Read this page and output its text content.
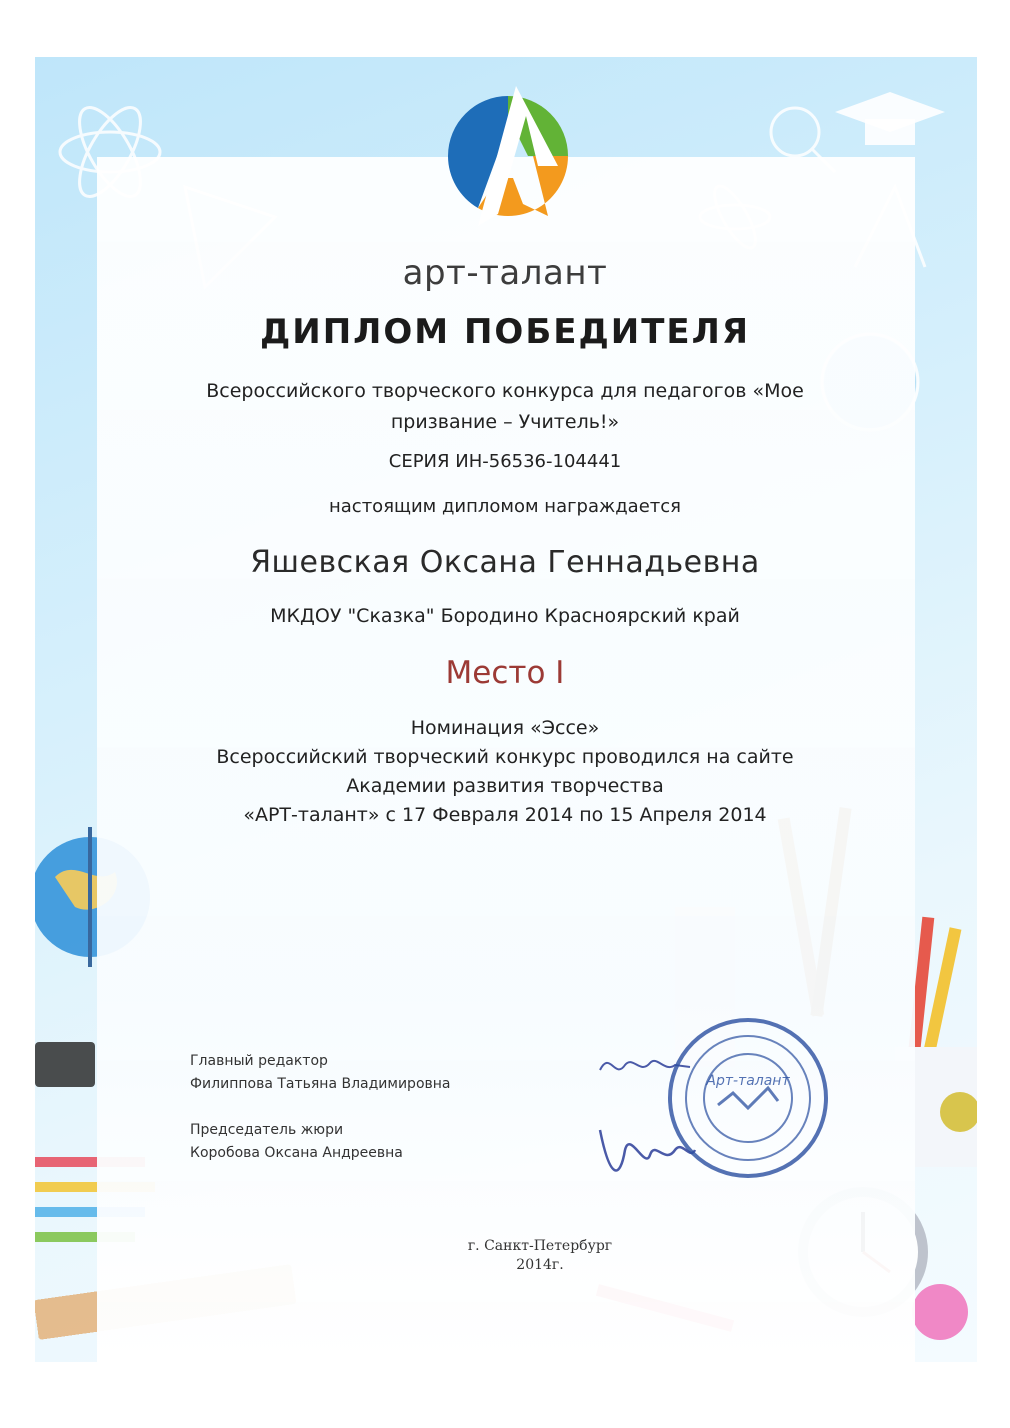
арт-талант
ДИПЛОМ ПОБЕДИТЕЛЯ
Всероссийского творческого конкурса для педагогов «Мое
призвание – Учитель!»
СЕРИЯ ИН-56536-104441
настоящим дипломом награждается
Яшевская Оксана Геннадьевна
МКДОУ "Сказка" Бородино Красноярский край
Место I
Номинация «Эссе»
Всероссийский творческий конкурс проводился на сайте
Академии развития творчества
«АРТ-талант» с 17 Февраля 2014 по 15 Апреля 2014
Главный редактор
Филиппова Татьяна Владимировна
Председатель жюри
Коробова Оксана Андреевна
Арт-талант
г. Санкт-Петербург
2014г.
